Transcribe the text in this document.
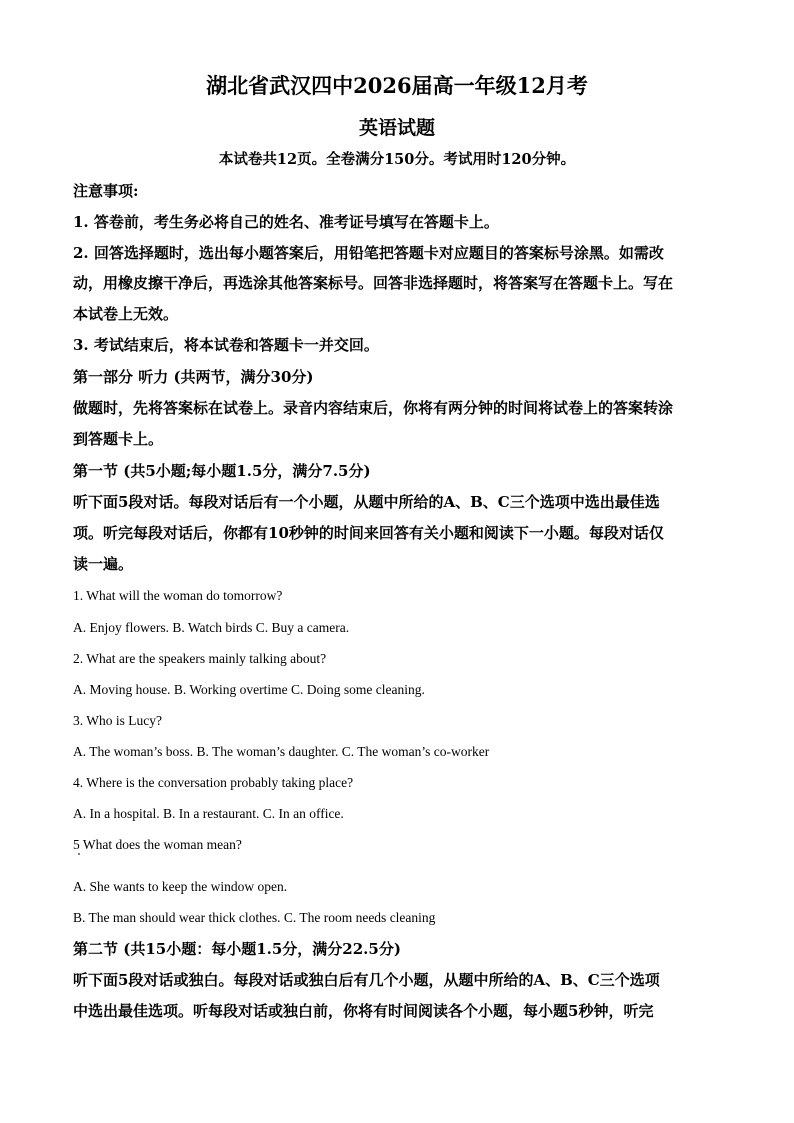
湖北省武汉四中2026届高一年级12月考
英语试题
本试卷共12页。全卷满分150分。考试用时120分钟。
注意事项:
1. 答卷前，考生务必将自己的姓名、准考证号填写在答题卡上。
2. 回答选择题时，选出每小题答案后，用铅笔把答题卡对应题目的答案标号涂黑。如需改
动，用橡皮擦干净后，再选涂其他答案标号。回答非选择题时，将答案写在答题卡上。写在
本试卷上无效。
3. 考试结束后，将本试卷和答题卡一并交回。
第一部分 听力 (共两节，满分30分)
做题时，先将答案标在试卷上。录音内容结束后，你将有两分钟的时间将试卷上的答案转涂
到答题卡上。
第一节 (共5小题;每小题1.5分，满分7.5分)
听下面5段对话。每段对话后有一个小题，从题中所给的A、B、C三个选项中选出最佳选
项。听完每段对话后，你都有10秒钟的时间来回答有关小题和阅读下一小题。每段对话仅
读一遍。
1. What will the woman do tomorrow?
A. Enjoy flowers. B. Watch birds C. Buy a camera.
2. What are the speakers mainly talking about?
A. Moving house. B. Working overtime C. Doing some cleaning.
3. Who is Lucy?
A. The woman’s boss. B. The woman’s daughter. C. The woman’s co-worker
4. Where is the conversation probably taking place?
A. In a hospital. B. In a restaurant. C. In an office.
5 What does the woman mean?
A. She wants to keep the window open.
B. The man should wear thick clothes. C. The room needs cleaning
第二节 (共15小题：每小题1.5分，满分22.5分)
听下面5段对话或独白。每段对话或独白后有几个小题，从题中所给的A、B、C三个选项
中选出最佳选项。听每段对话或独白前，你将有时间阅读各个小题，每小题5秒钟，听完
